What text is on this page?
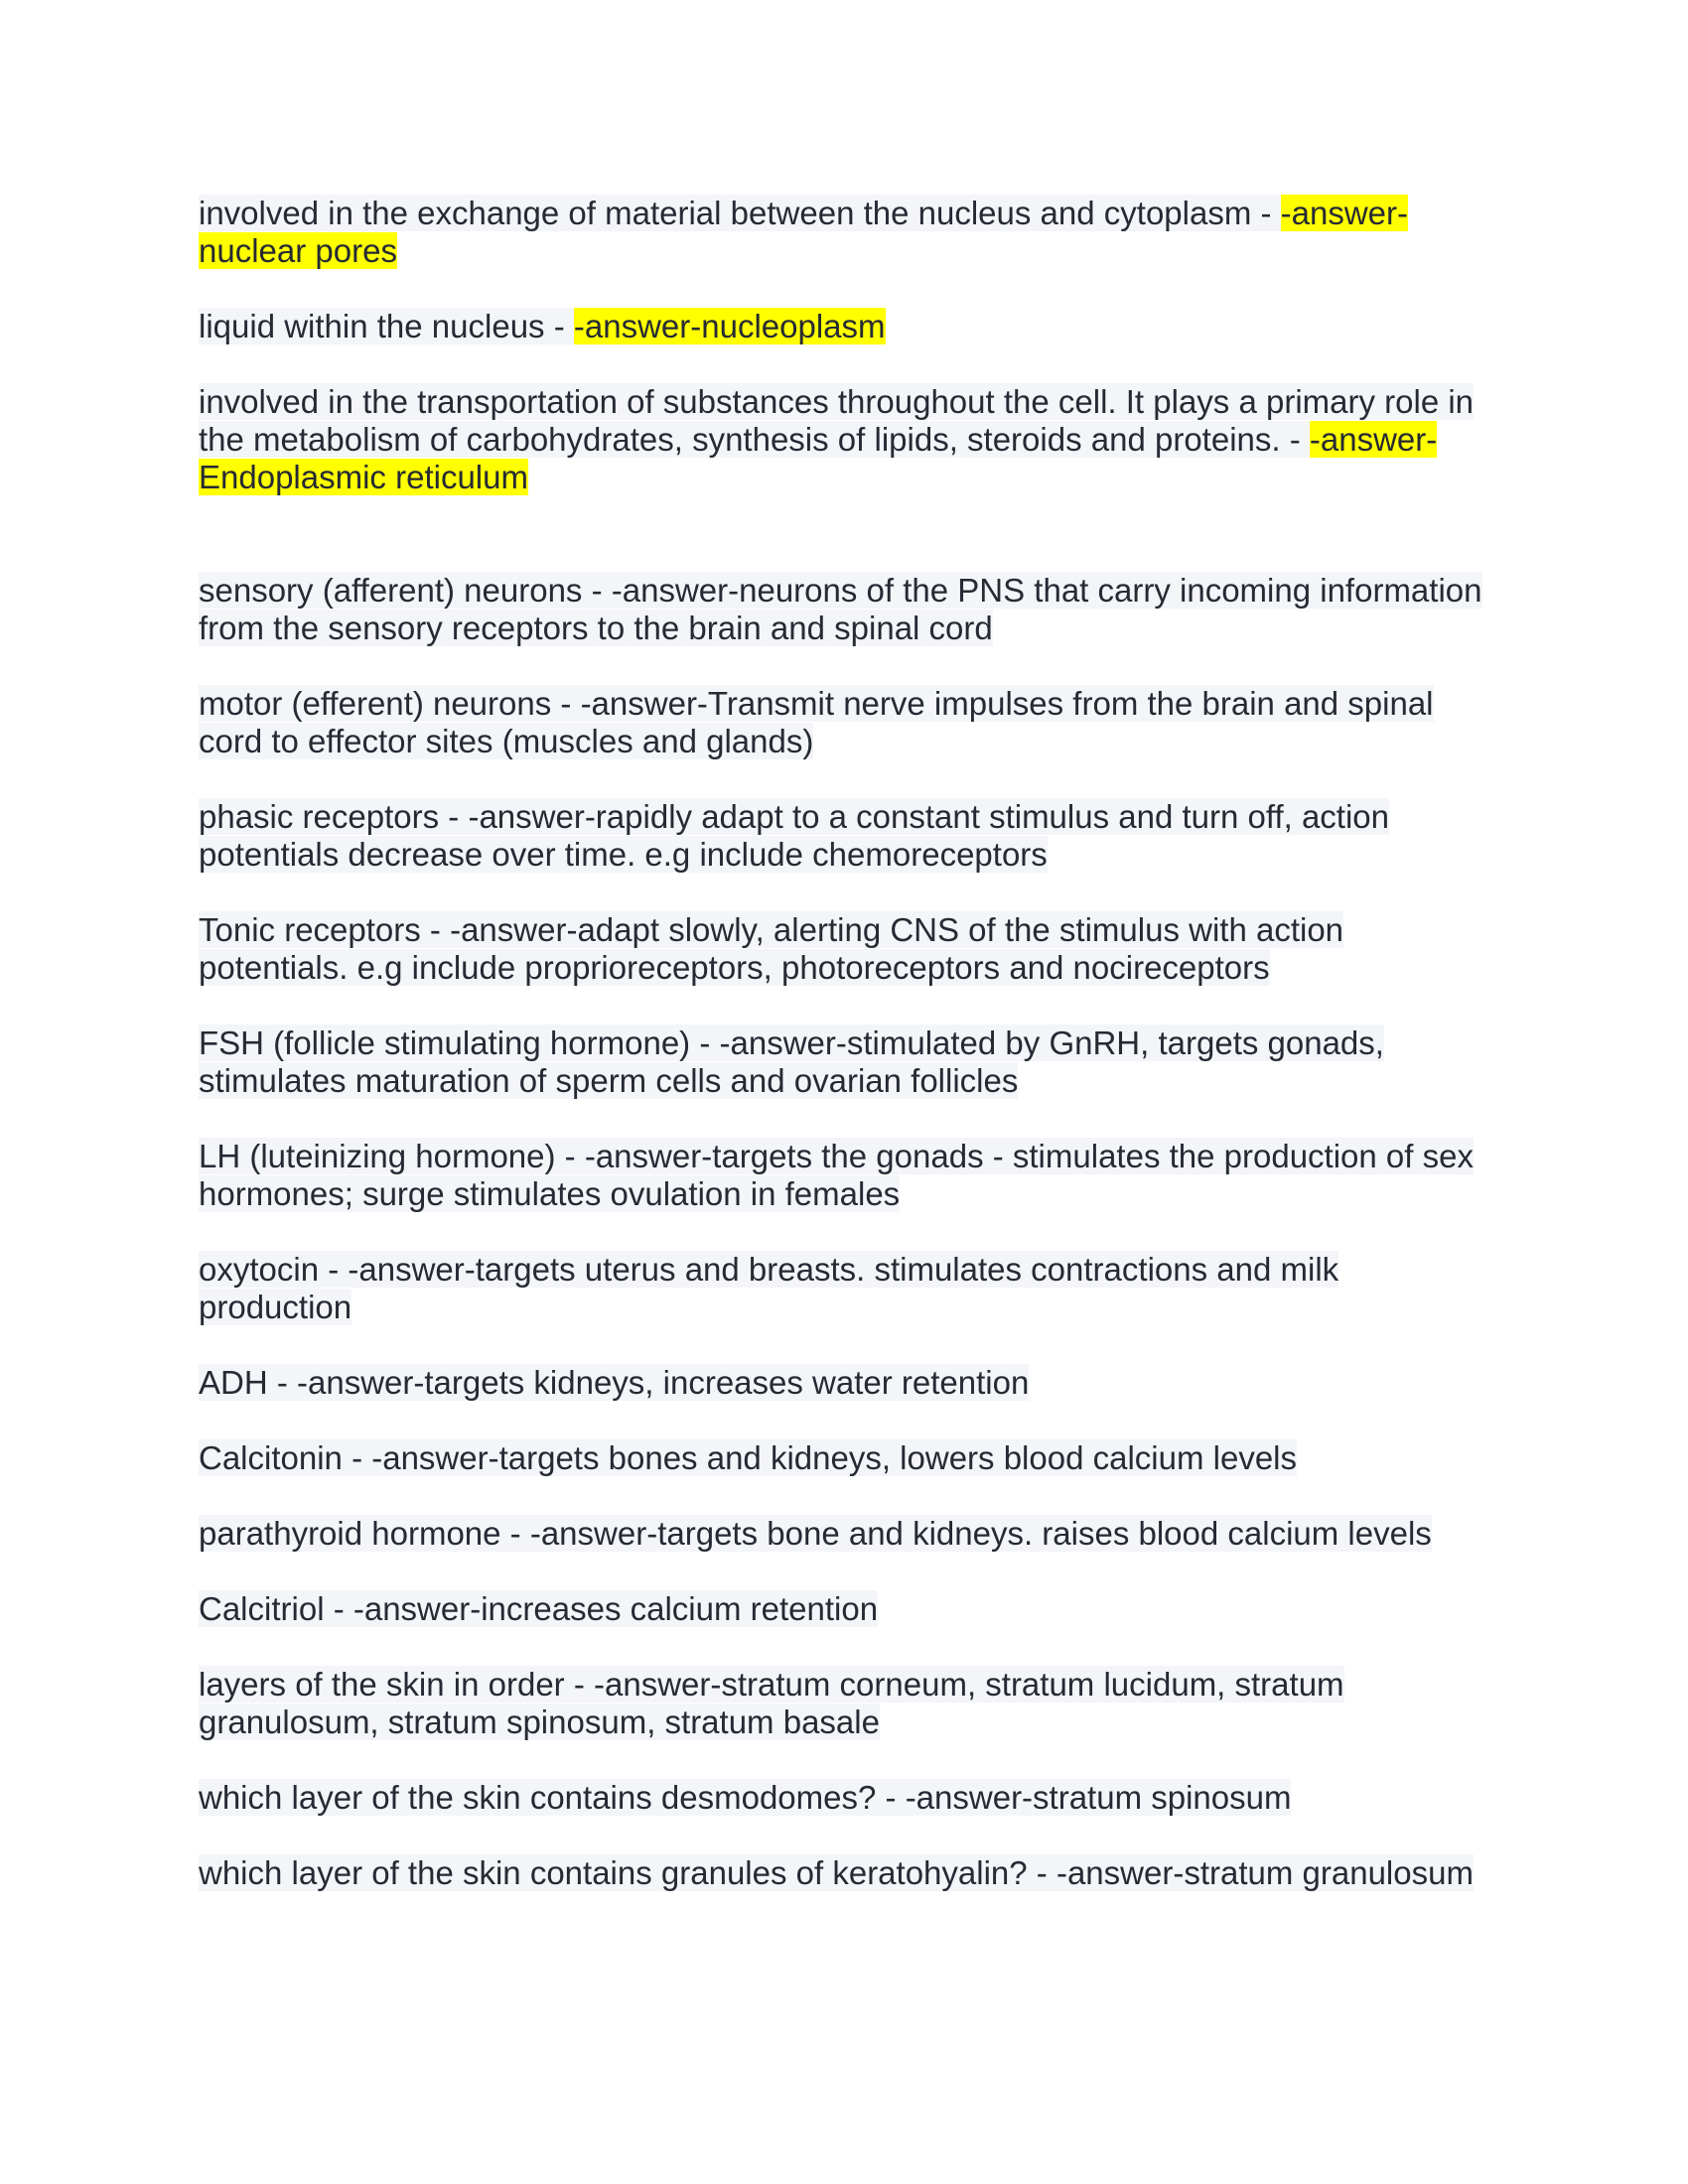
involved in the exchange of material between the nucleus and cytoplasm - -answer-nuclear pores

liquid within the nucleus - -answer-nucleoplasm

involved in the transportation of substances throughout the cell. It plays a primary role in the metabolism of carbohydrates, synthesis of lipids, steroids and proteins. - -answer-Endoplasmic reticulum

sensory (afferent) neurons - -answer-neurons of the PNS that carry incoming information from the sensory receptors to the brain and spinal cord

motor (efferent) neurons - -answer-Transmit nerve impulses from the brain and spinal cord to effector sites (muscles and glands)

phasic receptors - -answer-rapidly adapt to a constant stimulus and turn off, action potentials decrease over time. e.g include chemoreceptors

Tonic receptors - -answer-adapt slowly, alerting CNS of the stimulus with action potentials. e.g include proprioreceptors, photoreceptors and nocireceptors

FSH (follicle stimulating hormone) - -answer-stimulated by GnRH, targets gonads, stimulates maturation of sperm cells and ovarian follicles

LH (luteinizing hormone) - -answer-targets the gonads - stimulates the production of sex hormones; surge stimulates ovulation in females

oxytocin - -answer-targets uterus and breasts. stimulates contractions and milk production

ADH - -answer-targets kidneys, increases water retention

Calcitonin - -answer-targets bones and kidneys, lowers blood calcium levels

parathyroid hormone - -answer-targets bone and kidneys. raises blood calcium levels

Calcitriol - -answer-increases calcium retention

layers of the skin in order - -answer-stratum corneum, stratum lucidum, stratum granulosum, stratum spinosum, stratum basale

which layer of the skin contains desmodomes? - -answer-stratum spinosum

which layer of the skin contains granules of keratohyalin? - -answer-stratum granulosum
